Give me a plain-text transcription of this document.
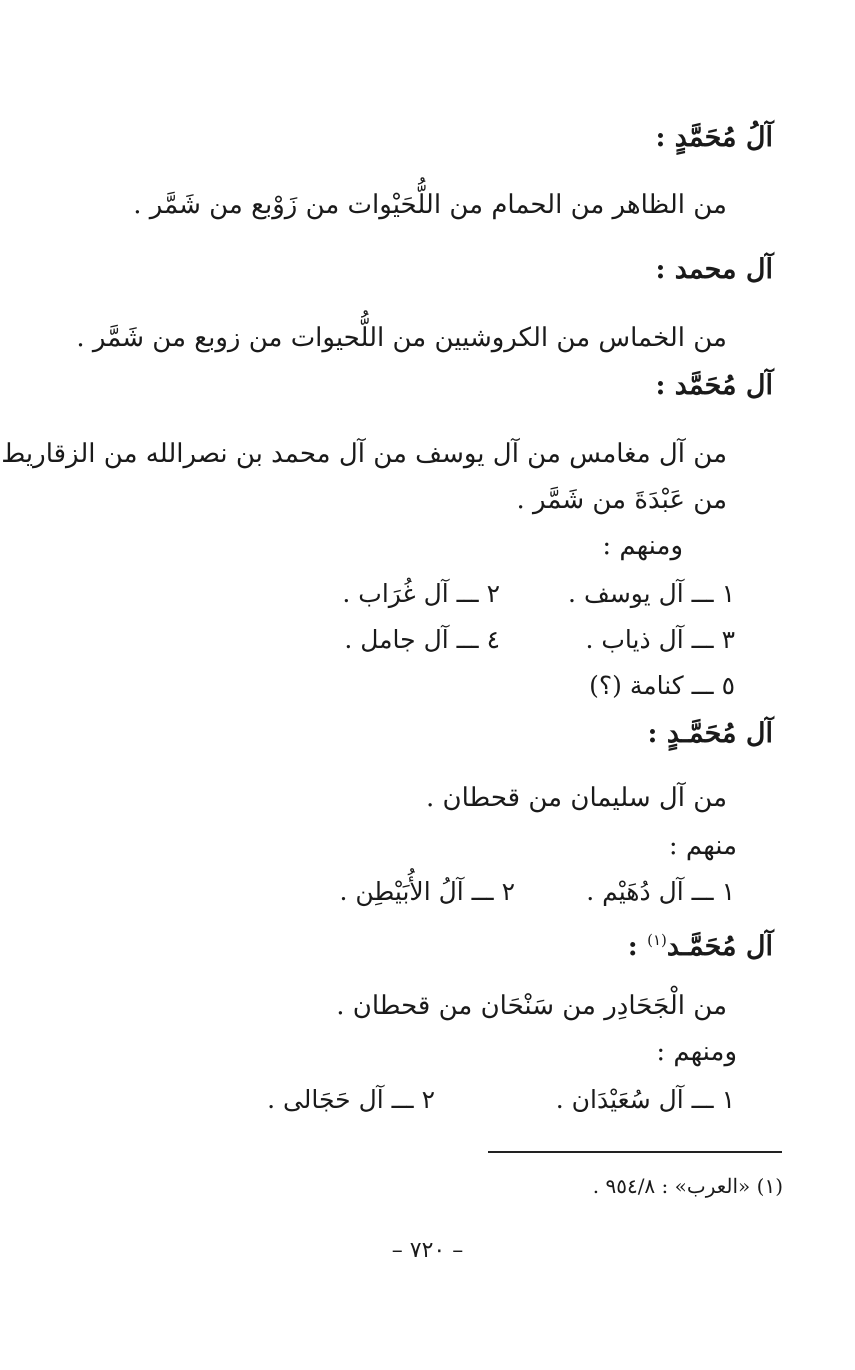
آلُ مُحَمَّدٍ :
من الظاهر من الحمام من اللُّحَيْوات من زَوْبع من شَمَّر .
آل محمد :
من الخماس من الكروشيين من اللُّحيوات من زوبع من شَمَّر .
آل مُحَمَّد :
من آل مغامس من آل يوسف من آل محمد بن نصرالله من الزقاريط
من عَبْدَةَ من شَمَّر .
ومنهم :
١ ـــ آل يوسف .
٢ ـــ آل غُرَاب .
٣ ـــ آل ذياب .
٤ ـــ آل جامل .
٥ ـــ كنامة (؟)
آل مُحَمَّـدٍ :
من آل سليمان من قحطان .
منهم :
١ ـــ آل دُهَيْم .
٢ ـــ آلُ الأُبَيْطِن .
آل مُحَمَّـد$^{(١)}$ :
من الْجَحَادِر من سَنْحَان من قحطان .
ومنهم :
١ ـــ آل سُعَيْدَان .
٢ ـــ آل حَجَالى .
(١) «العرب» : ٩٥٤/٨ .
– ٧٢٠ –
